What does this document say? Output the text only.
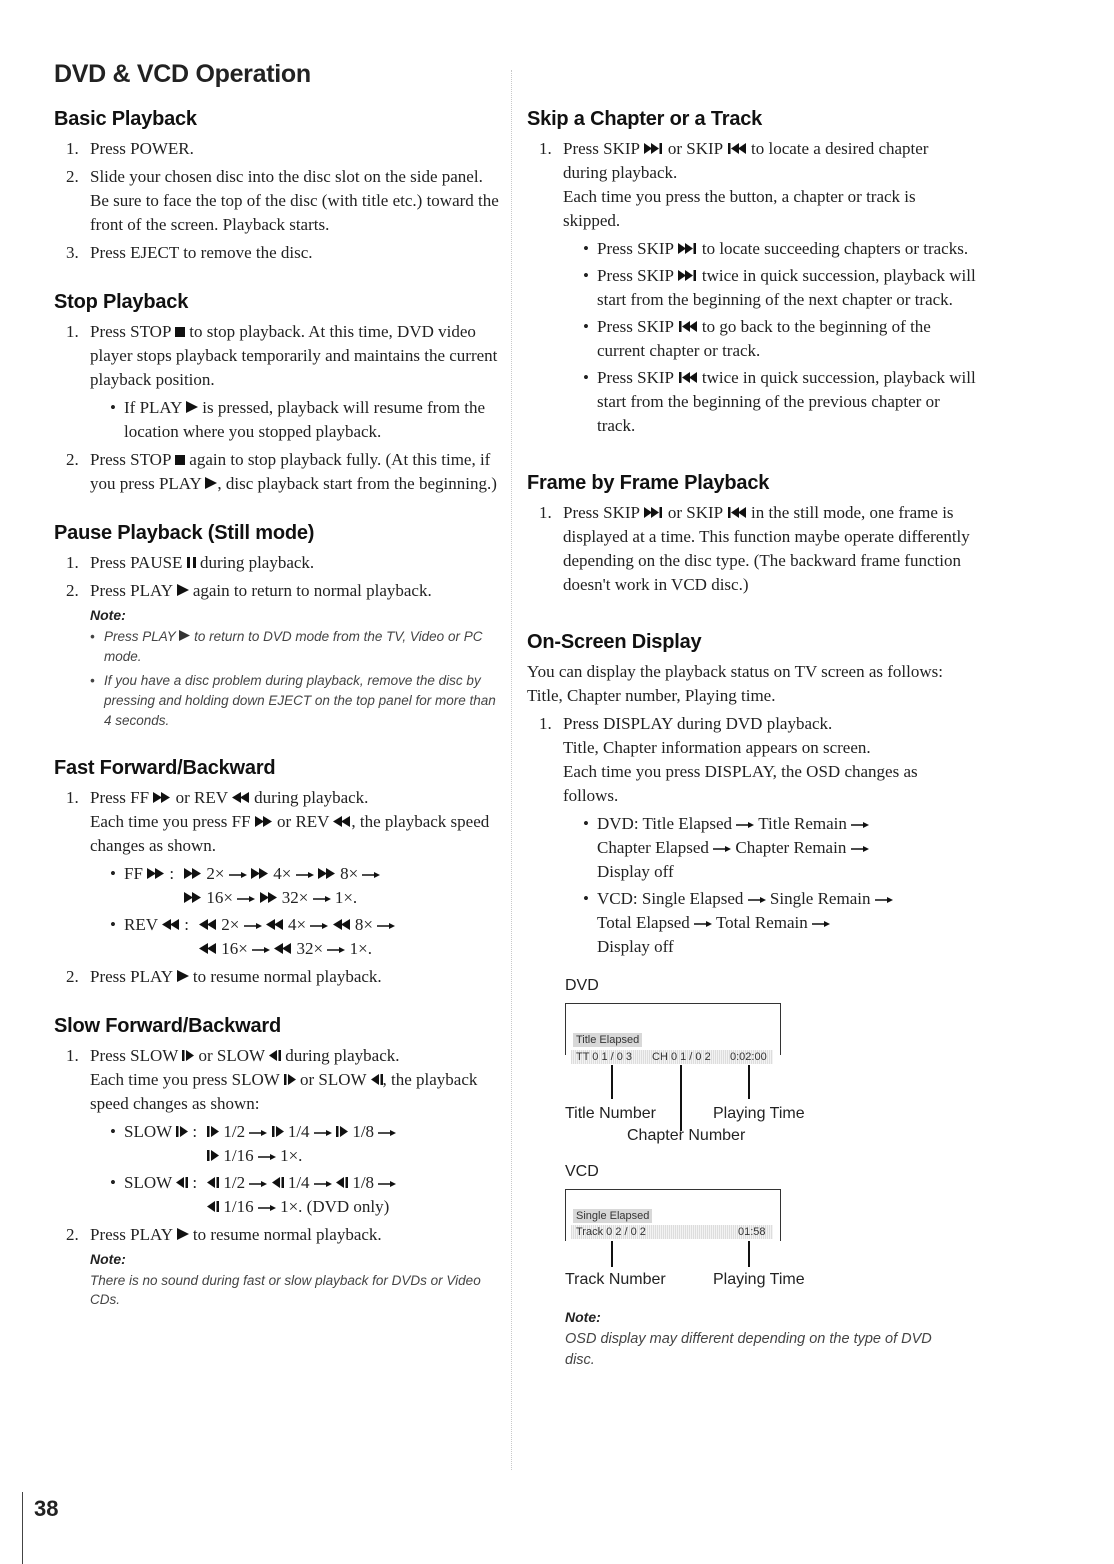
DVD & VCD Operation
Basic Playback
1. Press POWER.
2. Slide your chosen disc into the disc slot on the side panel. Be sure to face the top of the disc (with title etc.) toward the front of the screen. Playback starts.
3. Press EJECT to remove the disc.
Stop Playback
1. Press STOP to stop playback. At this time, DVD video player stops playback temporarily and maintains the current playback position.
• If PLAY is pressed, playback will resume from the location where you stopped playback.
2. Press STOP again to stop playback fully. (At this time, if you press PLAY , disc playback start from the beginning.)
Pause Playback (Still mode)
1. Press PAUSE during playback.
2. Press PLAY again to return to normal playback.
Note:
• Press PLAY to return to DVD mode from the TV, Video or PC mode.
• If you have a disc problem during playback, remove the disc by pressing and holding down EJECT on the top panel for more than 4 seconds.
Fast Forward/Backward
1. Press FF or REV during playback.
Each time you press FF or REV , the playback speed changes as shown.
• FF  :	2×	4×	8×
16×	32× 1×.
• REV  :	2×	4×	8×
16×	32× 1×.
2. Press PLAY to resume normal playback.
Slow Forward/Backward
1. Press SLOW or SLOW during playback.
Each time you press SLOW or SLOW , the playback speed changes as shown:
• SLOW  :	1/2	1/4	1/8
1/16 1×.
• SLOW  :	1/2	1/4	1/8
1/16 1×. (DVD only)
2. Press PLAY to resume normal playback.
Note:
There is no sound during fast or slow playback for DVDs or Video CDs.
Skip a Chapter or a Track
1. Press SKIP or SKIP to locate a desired chapter during playback.
Each time you press the button, a chapter or track is skipped.
• Press SKIP to locate succeeding chapters or tracks.
• Press SKIP twice in quick succession, playback will start from the beginning of the next chapter or track.
• Press SKIP to go back to the beginning of the current chapter or track.
• Press SKIP twice in quick succession, playback will start from the beginning of the previous chapter or track.
Frame by Frame Playback
1. Press SKIP or SKIP in the still mode, one frame is displayed at a time. This function maybe operate differently depending on the disc type. (The backward frame function doesn't work in VCD disc.)
On-Screen Display

You can display the playback status on TV screen as follows: Title, Chapter number, Playing time.

1. Press DISPLAY during DVD playback.
Title, Chapter information appears on screen.
Each time you press DISPLAY, the OSD changes as follows.
• DVD: Title Elapsed Title Remain
Chapter Elapsed Chapter Remain
Display off
• VCD: Single Elapsed Single Remain
Total Elapsed Total Remain
Display off
DVD
Title Elapsed
TT 0 1 / 0 3 CH 0 1 / 0 2 0:02:00
Title Number	Playing Time
Chapter Number
VCD
Single Elapsed
Track 0 2 / 0 2	01:58
Track Number	Playing Time
Note:
OSD display may different depending on the type of DVD disc.
38
